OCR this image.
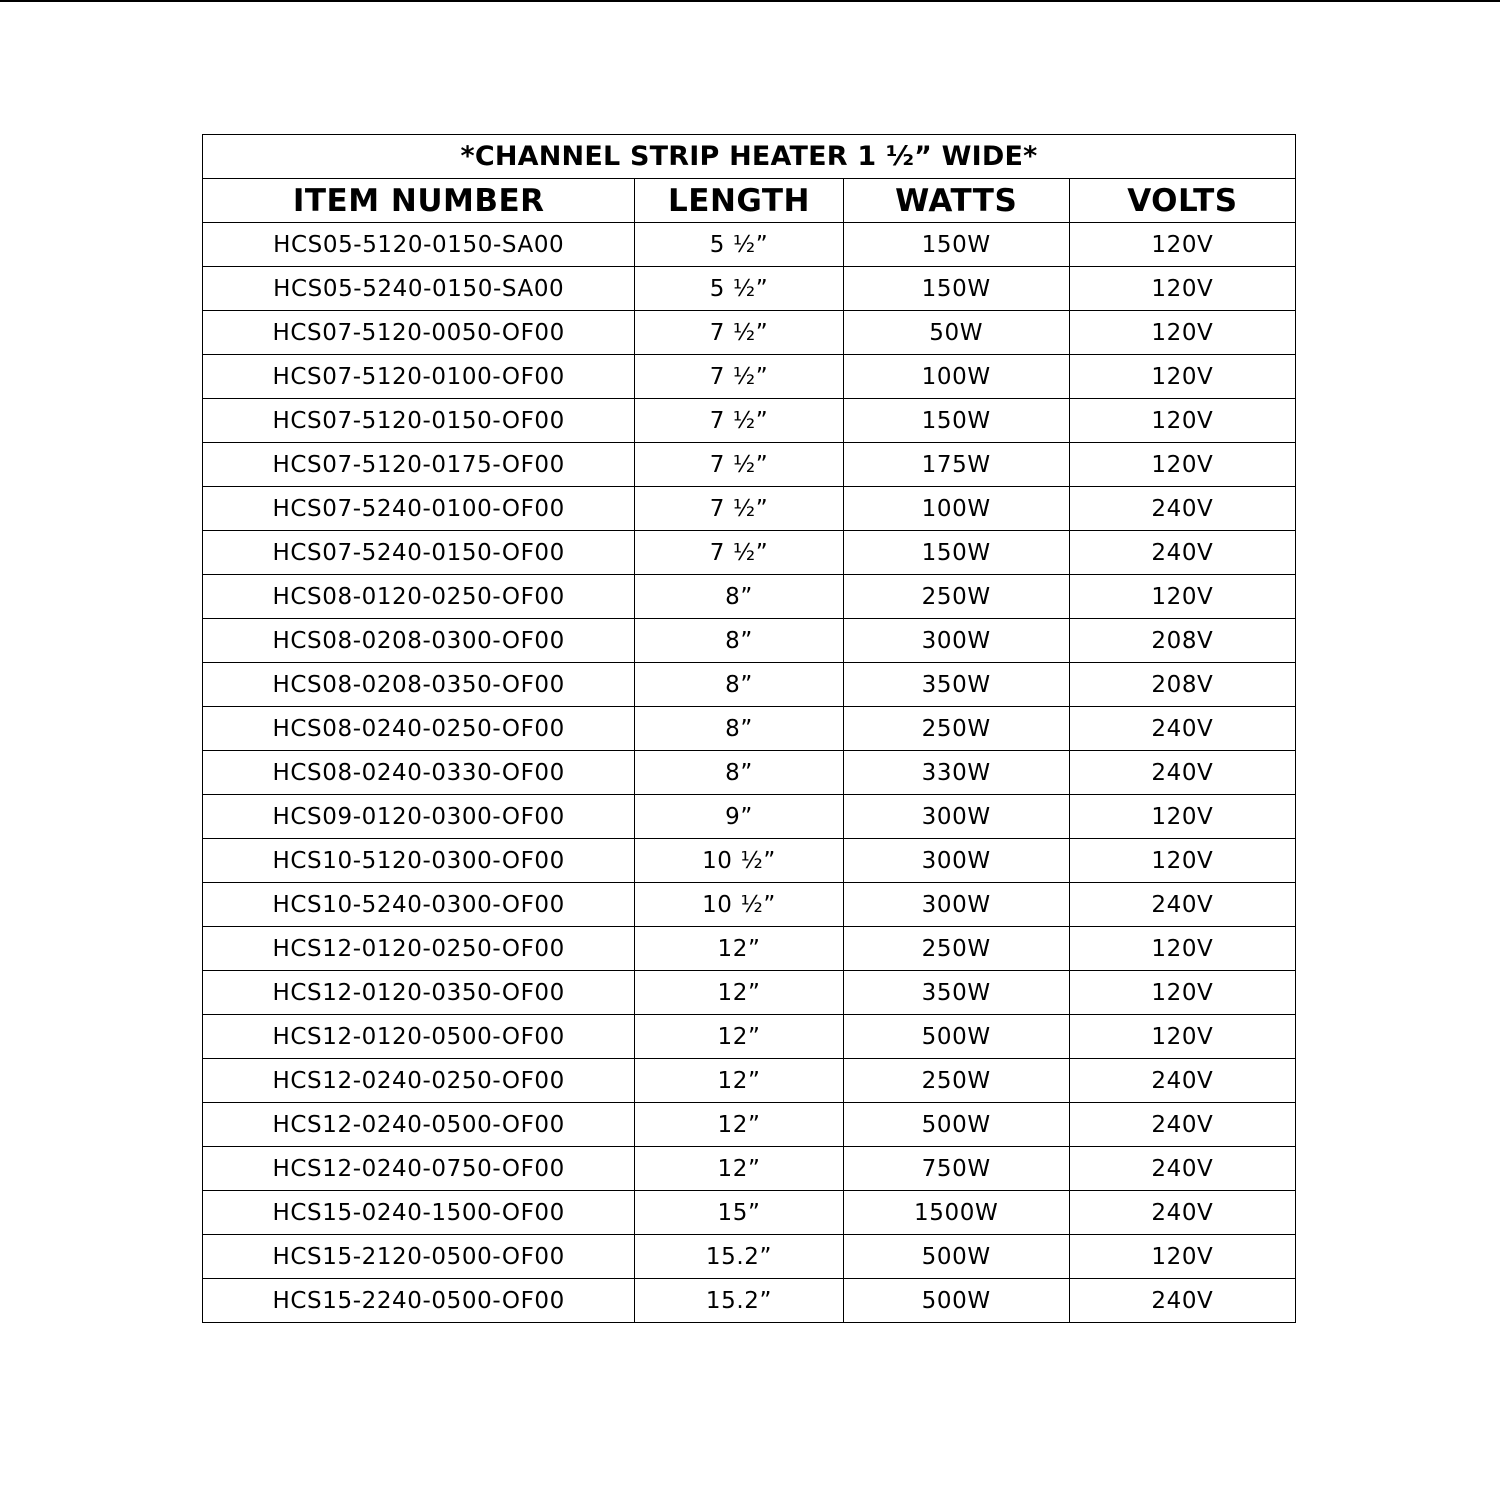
*CHANNEL STRIP HEATER 1 ½” WIDE*			
ITEM NUMBER	LENGTH	WATTS	VOLTS
HCS05-5120-0150-SA00	5 ½”	150W	120V
HCS05-5240-0150-SA00	5 ½”	150W	120V
HCS07-5120-0050-OF00	7 ½”	50W	120V
HCS07-5120-0100-OF00	7 ½”	100W	120V
HCS07-5120-0150-OF00	7 ½”	150W	120V
HCS07-5120-0175-OF00	7 ½”	175W	120V
HCS07-5240-0100-OF00	7 ½”	100W	240V
HCS07-5240-0150-OF00	7 ½”	150W	240V
HCS08-0120-0250-OF00	8”	250W	120V
HCS08-0208-0300-OF00	8”	300W	208V
HCS08-0208-0350-OF00	8”	350W	208V
HCS08-0240-0250-OF00	8”	250W	240V
HCS08-0240-0330-OF00	8”	330W	240V
HCS09-0120-0300-OF00	9”	300W	120V
HCS10-5120-0300-OF00	10 ½”	300W	120V
HCS10-5240-0300-OF00	10 ½”	300W	240V
HCS12-0120-0250-OF00	12”	250W	120V
HCS12-0120-0350-OF00	12”	350W	120V
HCS12-0120-0500-OF00	12”	500W	120V
HCS12-0240-0250-OF00	12”	250W	240V
HCS12-0240-0500-OF00	12”	500W	240V
HCS12-0240-0750-OF00	12”	750W	240V
HCS15-0240-1500-OF00	15”	1500W	240V
HCS15-2120-0500-OF00	15.2”	500W	120V
HCS15-2240-0500-OF00	15.2”	500W	240V
